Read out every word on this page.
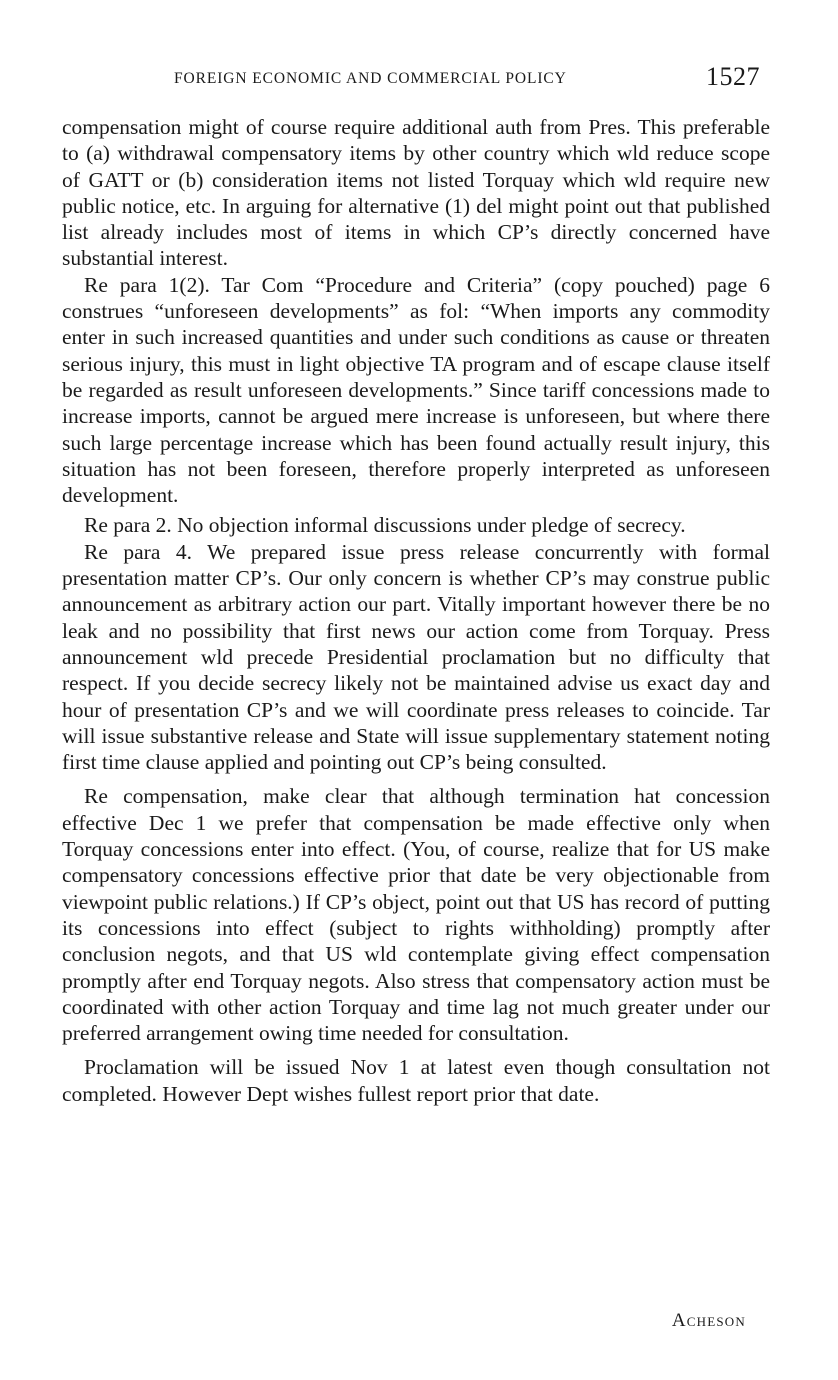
FOREIGN ECONOMIC AND COMMERCIAL POLICY	1527

compensation might of course require additional auth from Pres. This preferable to (a) withdrawal compensatory items by other country which wld reduce scope of GATT or (b) consideration items not listed Torquay which wld require new public notice, etc. In arguing for alternative (1) del might point out that published list already includes most of items in which CP’s directly concerned have substantial interest.

Re para 1(2). Tar Com “Procedure and Criteria” (copy pouched) page 6 construes “unforeseen developments” as fol: “When imports any commodity enter in such increased quantities and under such conditions as cause or threaten serious injury, this must in light objective TA program and of escape clause itself be regarded as result unforeseen developments.” Since tariff concessions made to increase imports, cannot be argued mere increase is unforeseen, but where there such large percentage increase which has been found actually result injury, this situation has not been foreseen, therefore properly interpreted as unforeseen development.

Re para 2. No objection informal discussions under pledge of secrecy.

Re para 4. We prepared issue press release concurrently with formal presentation matter CP’s. Our only concern is whether CP’s may construe public announcement as arbitrary action our part. Vitally important however there be no leak and no possibility that first news our action come from Torquay. Press announcement wld precede Presidential proclamation but no difficulty that respect. If you decide secrecy likely not be maintained advise us exact day and hour of presentation CP’s and we will coordinate press releases to coincide. Tar will issue substantive release and State will issue supplementary statement noting first time clause applied and pointing out CP’s being consulted.

Re compensation, make clear that although termination hat concession effective Dec 1 we prefer that compensation be made effective only when Torquay concessions enter into effect. (You, of course, realize that for US make compensatory concessions effective prior that date be very objectionable from viewpoint public relations.) If CP’s object, point out that US has record of putting its concessions into effect (subject to rights withholding) promptly after conclusion negots, and that US wld contemplate giving effect compensation promptly after end Torquay negots. Also stress that compensatory action must be coordinated with other action Torquay and time lag not much greater under our preferred arrangement owing time needed for consultation.

Proclamation will be issued Nov 1 at latest even though consultation not completed. However Dept wishes fullest report prior that date.

Acheson
